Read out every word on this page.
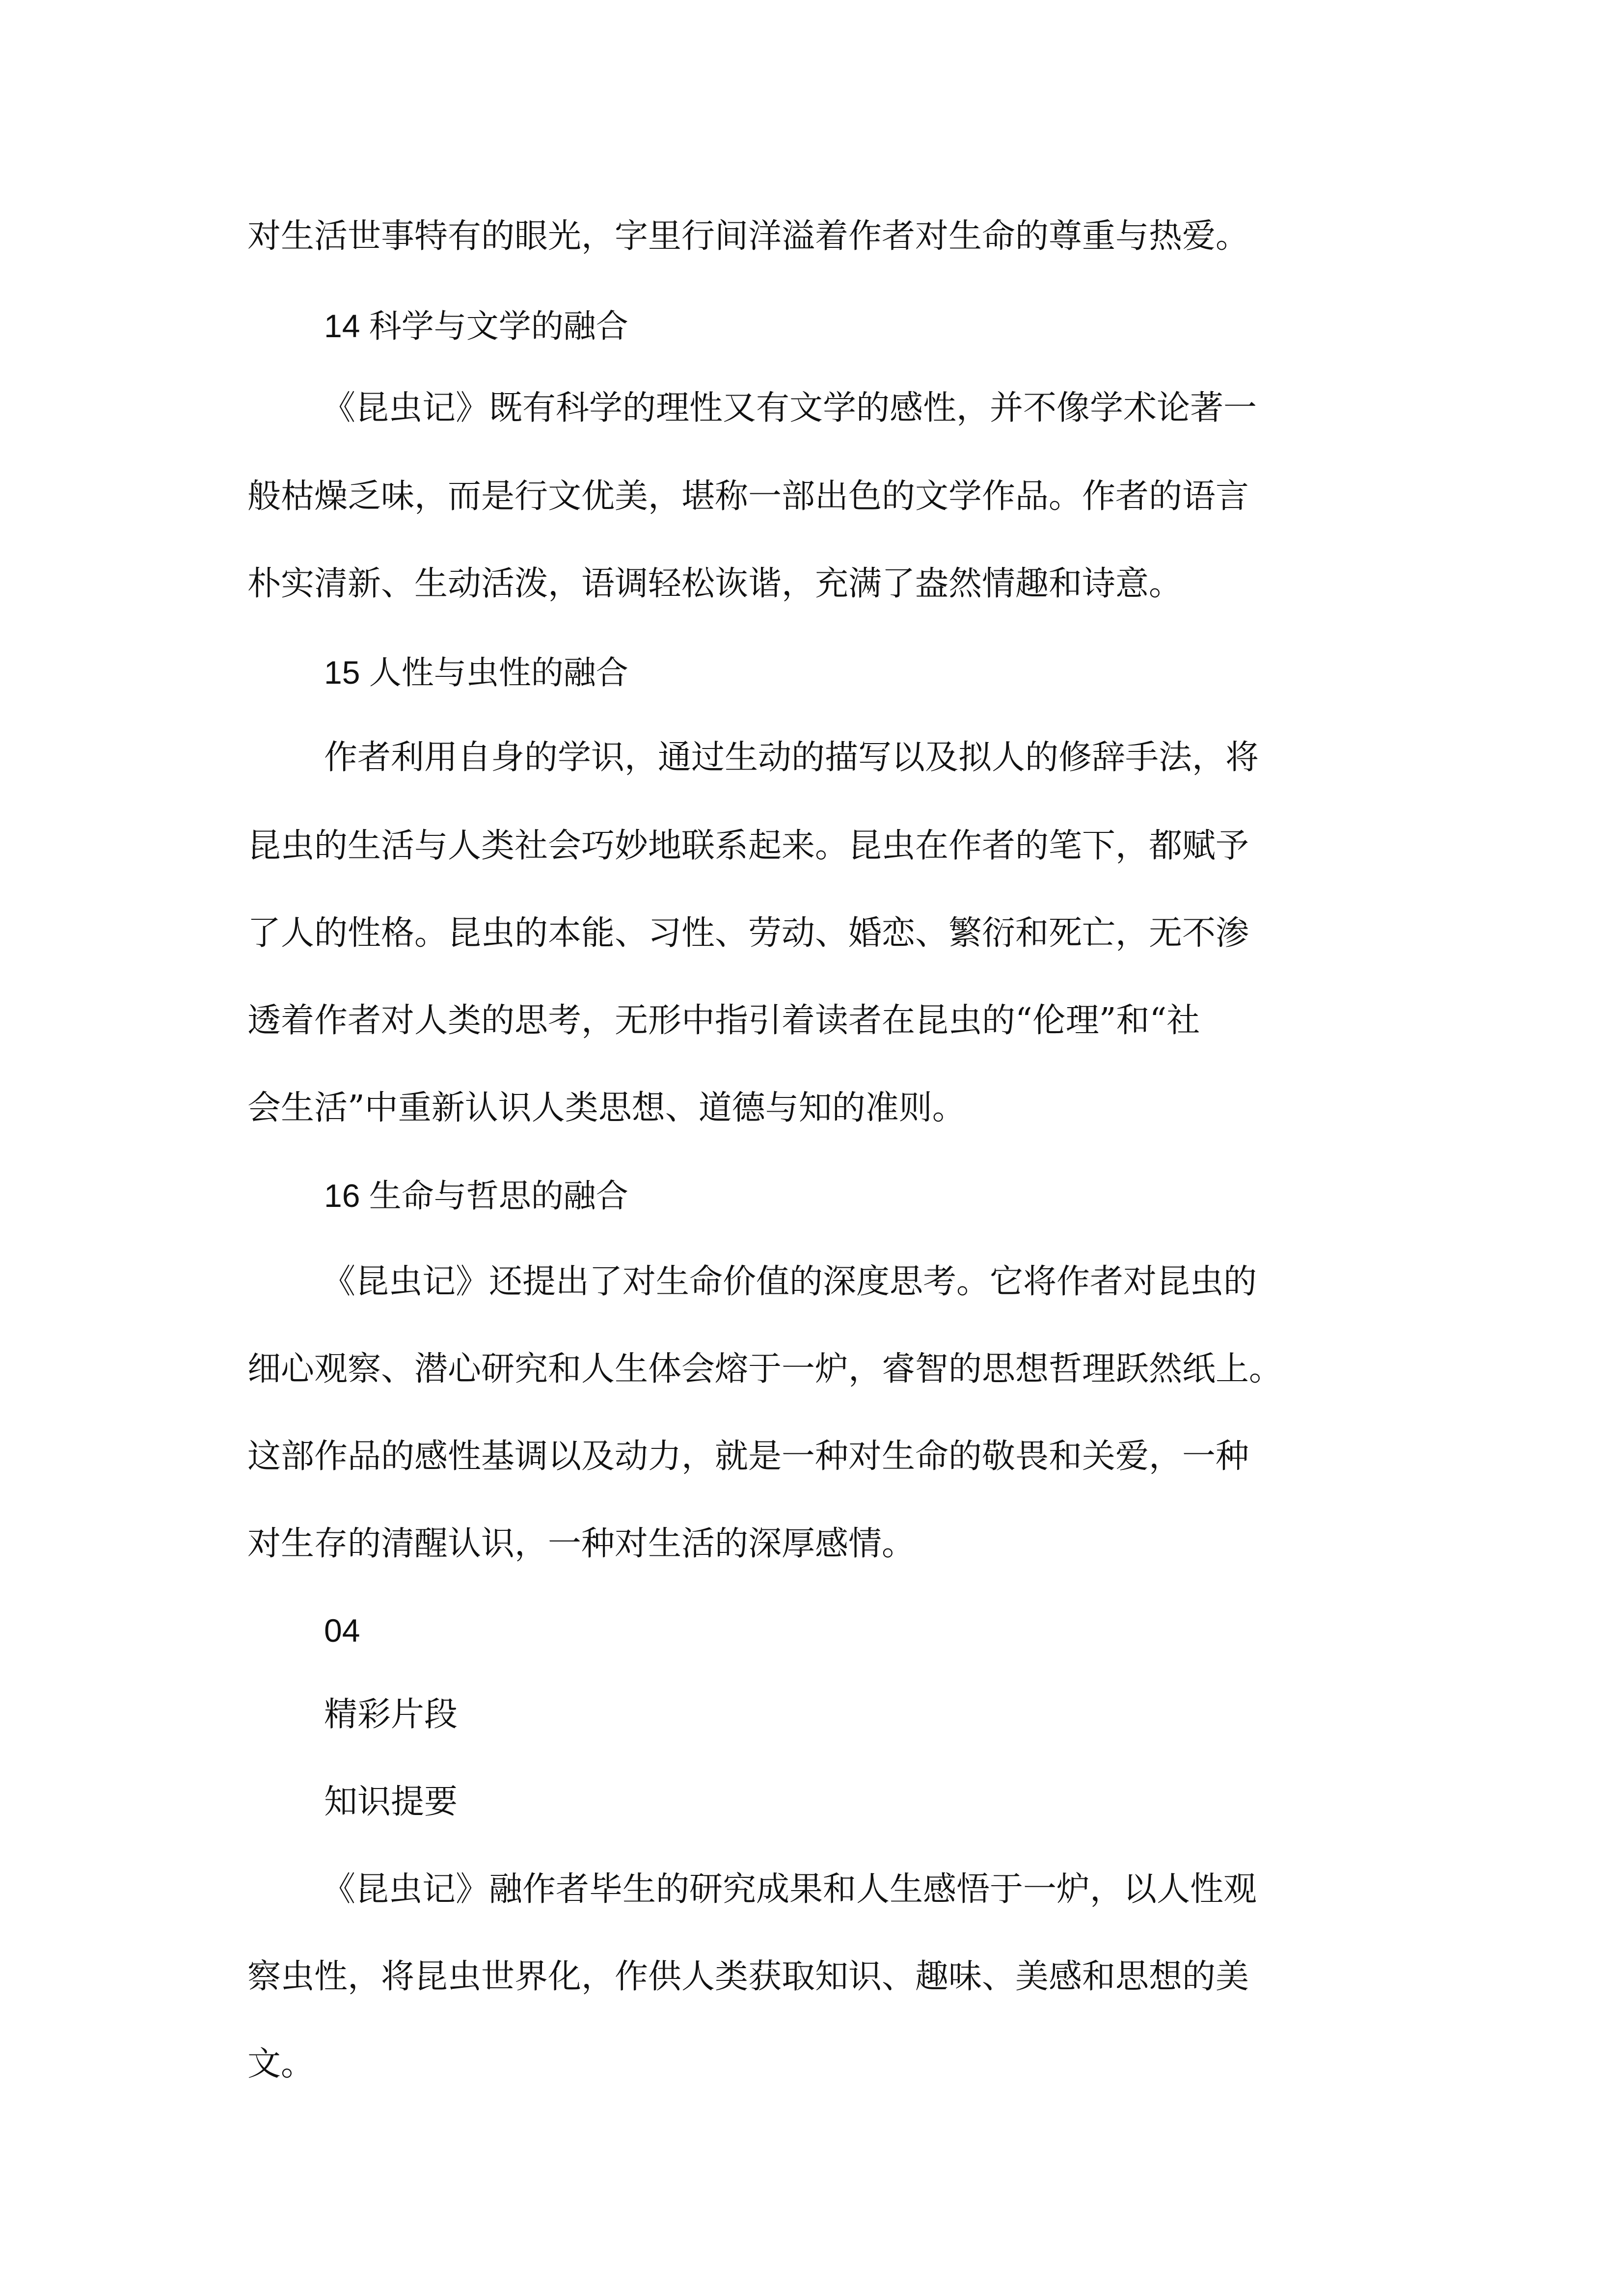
对生活世事特有的眼光，字里行间洋溢着作者对生命的尊重与热爱。
14 科学与文学的融合
《昆虫记》既有科学的理性又有文学的感性，并不像学术论著一
般枯燥乏味，而是行文优美，堪称一部出色的文学作品。作者的语言
朴实清新、生动活泼，语调轻松诙谐，充满了盎然情趣和诗意。
15 人性与虫性的融合
作者利用自身的学识，通过生动的描写以及拟人的修辞手法，将
昆虫的生活与人类社会巧妙地联系起来。昆虫在作者的笔下，都赋予
了人的性格。昆虫的本能、习性、劳动、婚恋、繁衍和死亡，无不渗
透着作者对人类的思考，无形中指引着读者在昆虫的“伦理”和“社
会生活”中重新认识人类思想、道德与知的准则。
16 生命与哲思的融合
《昆虫记》还提出了对生命价值的深度思考。它将作者对昆虫的
细心观察、潜心研究和人生体会熔于一炉，睿智的思想哲理跃然纸上。
这部作品的感性基调以及动力，就是一种对生命的敬畏和关爱，一种
对生存的清醒认识，一种对生活的深厚感情。
04
精彩片段
知识提要
《昆虫记》融作者毕生的研究成果和人生感悟于一炉，以人性观
察虫性，将昆虫世界化，作供人类获取知识、趣味、美感和思想的美
文。
